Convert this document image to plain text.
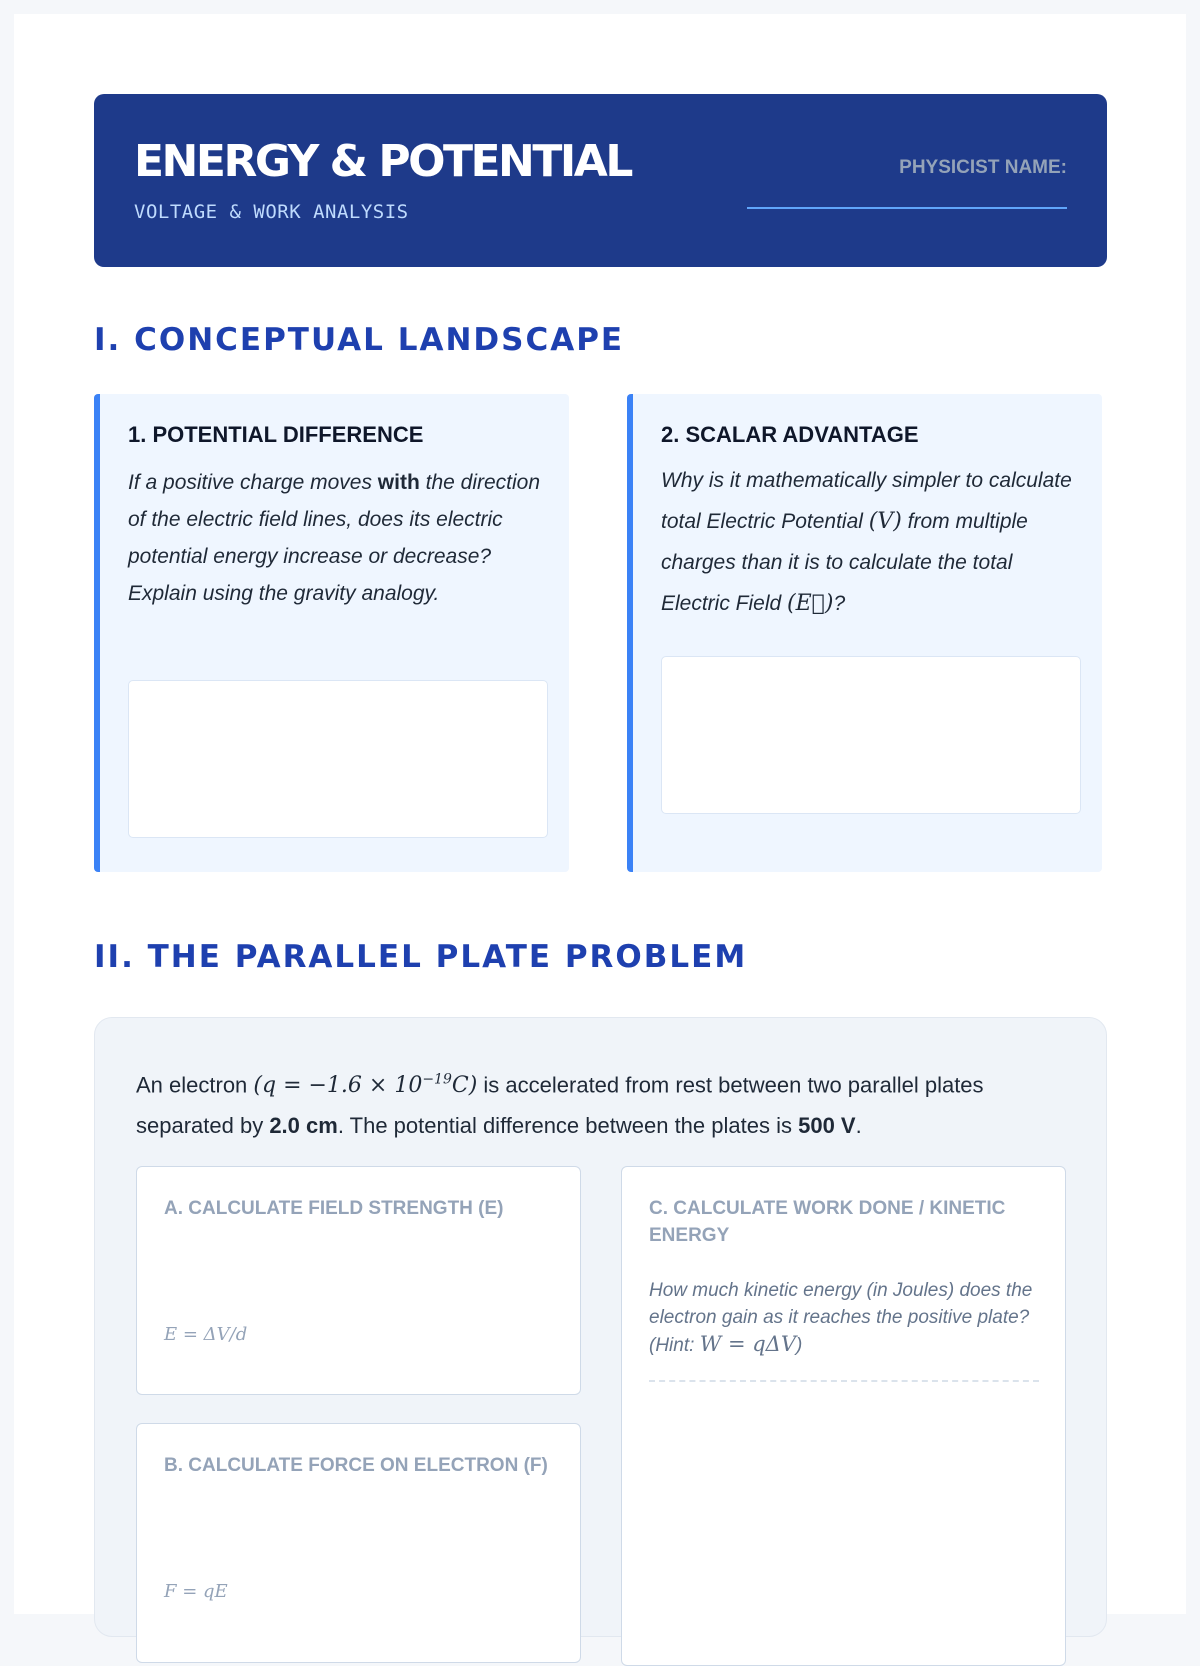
ENERGY & POTENTIAL
VOLTAGE & WORK ANALYSIS
PHYSICIST NAME:
I. CONCEPTUAL LANDSCAPE
1. POTENTIAL DIFFERENCE
If a positive charge moves with the direction of the electric field lines, does its electric potential energy increase or decrease? Explain using the gravity analogy.
2. SCALAR ADVANTAGE
Why is it mathematically simpler to calculate total Electric Potential (V) from multiple charges than it is to calculate the total Electric Field (E⃗)?
II. THE PARALLEL PLATE PROBLEM
An electron $(q = -1.6 \times 10^{-19}C)$ is accelerated from rest between two parallel plates separated by 2.0 cm. The potential difference between the plates is 500 V.
A. CALCULATE FIELD STRENGTH (E)
E = ΔV/d
B. CALCULATE FORCE ON ELECTRON (F)
F = qE
C. CALCULATE WORK DONE / KINETIC ENERGY
How much kinetic energy (in Joules) does the electron gain as it reaches the positive plate? (Hint: W = qΔV)
